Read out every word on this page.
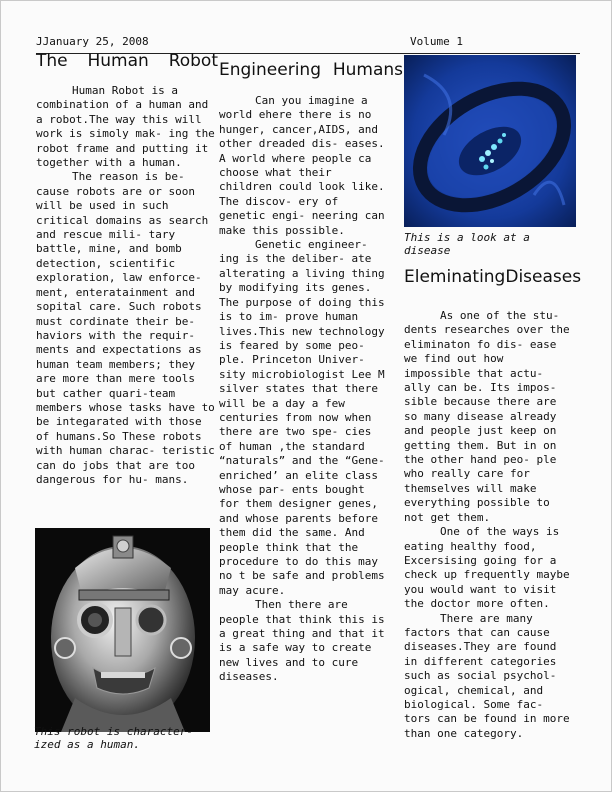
JJanuary 25, 2008	Volume 1
The Human Robot

Human Robot is a combination of a human and a robot.The way this will work is simoly mak- ing the robot frame and putting it together with a human.

The reason is be- cause robots are or soon will be used in such critical domains as search and rescue mili- tary battle, mine, and bomb detection, scientific exploration, law enforce- ment, enteratainment and sopital care. Such robots must cordinate their be- haviors with the requir- ments and expectations as human team members; they are more than mere tools but cather quari-team members whose tasks have to be integarated with those of humans.So These robots with human charac- teristic can do jobs that are too dangerous for hu- mans.

This robot is character- ized as a human.
Engineering Humans

Can you imagine a world ehere there is no hunger, cancer,AIDS, and other dreaded dis- eases. A world where people ca choose what their children could look like. The discov- ery of genetic engi- neering can make this possible.

Genetic engineer- ing is the deliber- ate alterating a living thing by modifying its genes. The purpose of doing this is to im- prove human lives.This new technology is feared by some peo- ple. Princeton Univer- sity microbiologist Lee M silver states that there will be a day a few centuries from now when there are two spe- cies of human ,the standard “naturals” and the “Gene-enriched’ an elite class whose par- ents bought for them designer genes, and whose parents before them did the same. And people think that the procedure to do this may no t be safe and problems may acure.

Then there are people that think this is a great thing and that it is a safe way to create new lives and to cure diseases.

This is a look at a disease
Eleminating Diseases

As one of the stu- dents researches over the eliminaton fo dis- ease we find out how impossible that actu- ally can be. Its impos- sible because there are so many disease already and people just keep on getting them. But in on the other hand peo- ple who really care for themselves will make everything possible to not get them.

One of the ways is eating healthy food, Excersising going for a check up frequently maybe you would want to visit the doctor more often.

There are many factors that can cause diseases.They are found in different categories such as social psychol- ogical, chemical, and biological. Some fac- tors can be found in more than one category.
